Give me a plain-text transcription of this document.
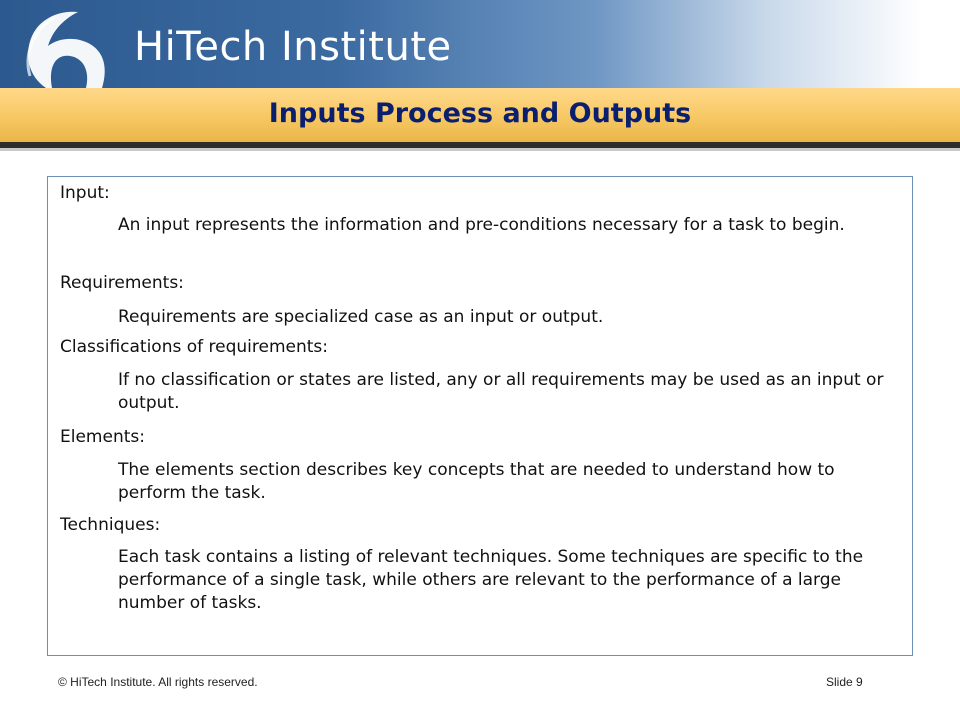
HiTech Institute
Inputs Process and Outputs
Input:
An input represents the information and pre-conditions necessary for a task to begin.
Requirements:
Requirements are specialized case as an input or output.
Classifications of requirements:
If no classification or states are listed, any or all requirements may be used as an input or output.
Elements:
The elements section describes key concepts that are needed to understand how to perform the task.
Techniques:
Each task contains a listing of relevant techniques. Some techniques are specific to the performance of a single task, while others are relevant to the performance of a large number of tasks.
© HiTech Institute. All rights reserved.	Slide 9
